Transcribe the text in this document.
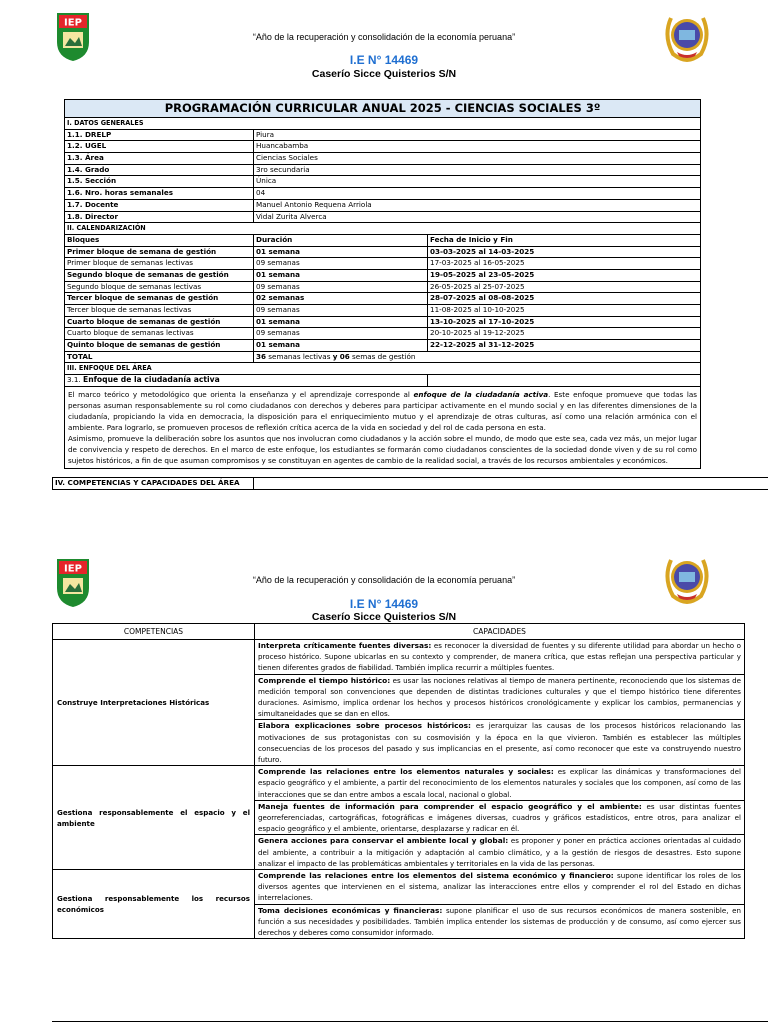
IEP
“Año de la recuperación y consolidación de la economía peruana”
I.E N° 14469
Caserío Sicce Quisterios S/N
PROGRAMACIÓN CURRICULAR ANUAL 2025 - CIENCIAS SOCIALES 3º		
I. DATOS GENERALES		
1.1. DRELP	Piura	
1.2. UGEL	Huancabamba	
1.3. Área	Ciencias Sociales	
1.4. Grado	3ro secundaria	
1.5. Sección	Única	
1.6. Nro. horas semanales	04	
1.7. Docente	Manuel Antonio Requena Arriola	
1.8. Director	Vidal Zurita Alverca	
II. CALENDARIZACIÓN		
Bloques	Duración	Fecha de Inicio y Fin
Primer bloque de semana de gestión	01 semana	03-03-2025 al 14-03-2025
Primer bloque de semanas lectivas	09 semanas	17-03-2025 al 16-05-2025
Segundo bloque de semanas de gestión	01 semana	19-05-2025 al 23-05-2025
Segundo bloque de semanas lectivas	09 semanas	26-05-2025 al 25-07-2025
Tercer bloque de semanas de gestión	02 semanas	28-07-2025 al 08-08-2025
Tercer bloque de semanas lectivas	09 semanas	11-08-2025 al 10-10-2025
Cuarto bloque de semanas de gestión	01 semana	13-10-2025 al 17-10-2025
Cuarto bloque de semanas lectivas	09 semanas	20-10-2025 al 19-12-2025
Quinto bloque de semanas de gestión	01 semana	22-12-2025 al 31-12-2025
TOTAL	36 semanas lectivas y 06 semas de gestión	
III. ENFOQUE DEL ÁREA		
3.1. Enfoque de la ciudadanía activa		
El marco teórico y metodológico que orienta la enseñanza y el aprendizaje corresponde al enfoque de la ciudadanía activa. Este enfoque promueve que todas las personas asuman responsablemente su rol como ciudadanos con derechos y deberes para participar activamente en el mundo social y en las diferentes dimensiones de la ciudadanía, propiciando la vida en democracia, la disposición para el enriquecimiento mutuo y el aprendizaje de otras culturas, así como una relación armónica con el ambiente. Para lograrlo, se promueven procesos de reflexión crítica acerca de la vida en sociedad y del rol de cada persona en esta.
Asimismo, promueve la deliberación sobre los asuntos que nos involucran como ciudadanos y la acción sobre el mundo, de modo que este sea, cada vez más, un mejor lugar de convivencia y respeto de derechos. En el marco de este enfoque, los estudiantes se formarán como ciudadanos conscientes de la sociedad donde viven y de su rol como sujetos históricos, a fin de que asuman compromisos y se constituyan en agentes de cambio de la realidad social, a través de los recursos ambientales y económicos.		
IV. COMPETENCIAS Y CAPACIDADES DEL ÁREA	
IEP
“Año de la recuperación y consolidación de la economía peruana”
I.E N° 14469
Caserío Sicce Quisterios S/N
COMPETENCIAS	CAPACIDADES
Construye Interpretaciones Históricas	Interpreta críticamente fuentes diversas: es reconocer la diversidad de fuentes y su diferente utilidad para abordar un hecho o proceso histórico. Supone ubicarlas en su contexto y comprender, de manera crítica, que estas reflejan una perspectiva particular y tienen diferentes grados de fiabilidad. También implica recurrir a múltiples fuentes.
	Comprende el tiempo histórico: es usar las nociones relativas al tiempo de manera pertinente, reconociendo que los sistemas de medición temporal son convenciones que dependen de distintas tradiciones culturales y que el tiempo histórico tiene diferentes duraciones. Asimismo, implica ordenar los hechos y procesos históricos cronológicamente y explicar los cambios, permanencias y simultaneidades que se dan en ellos.
	Elabora explicaciones sobre procesos históricos: es jerarquizar las causas de los procesos históricos relacionando las motivaciones de sus protagonistas con su cosmovisión y la época en la que vivieron. También es establecer las múltiples consecuencias de los procesos del pasado y sus implicancias en el presente, así como reconocer que este va construyendo nuestro futuro.
Gestiona responsablemente el espacio y el ambiente	Comprende las relaciones entre los elementos naturales y sociales: es explicar las dinámicas y transformaciones del espacio geográfico y el ambiente, a partir del reconocimiento de los elementos naturales y sociales que los componen, así como de las interacciones que se dan entre ambos a escala local, nacional o global.
	Maneja fuentes de información para comprender el espacio geográfico y el ambiente: es usar distintas fuentes georreferenciadas, cartográficas, fotográficas e imágenes diversas, cuadros y gráficos estadísticos, entre otros, para analizar el espacio geográfico y el ambiente, orientarse, desplazarse y radicar en él.
	Genera acciones para conservar el ambiente local y global: es proponer y poner en práctica acciones orientadas al cuidado del ambiente, a contribuir a la mitigación y adaptación al cambio climático, y a la gestión de riesgos de desastres. Esto supone analizar el impacto de las problemáticas ambientales y territoriales en la vida de las personas.
Gestiona responsablemente los recursos económicos	Comprende las relaciones entre los elementos del sistema económico y financiero: supone identificar los roles de los diversos agentes que intervienen en el sistema, analizar las interacciones entre ellos y comprender el rol del Estado en dichas interrelaciones.
	Toma decisiones económicas y financieras: supone planificar el uso de sus recursos económicos de manera sostenible, en función a sus necesidades y posibilidades. También implica entender los sistemas de producción y de consumo, así como ejercer sus derechos y deberes como consumidor informado.
